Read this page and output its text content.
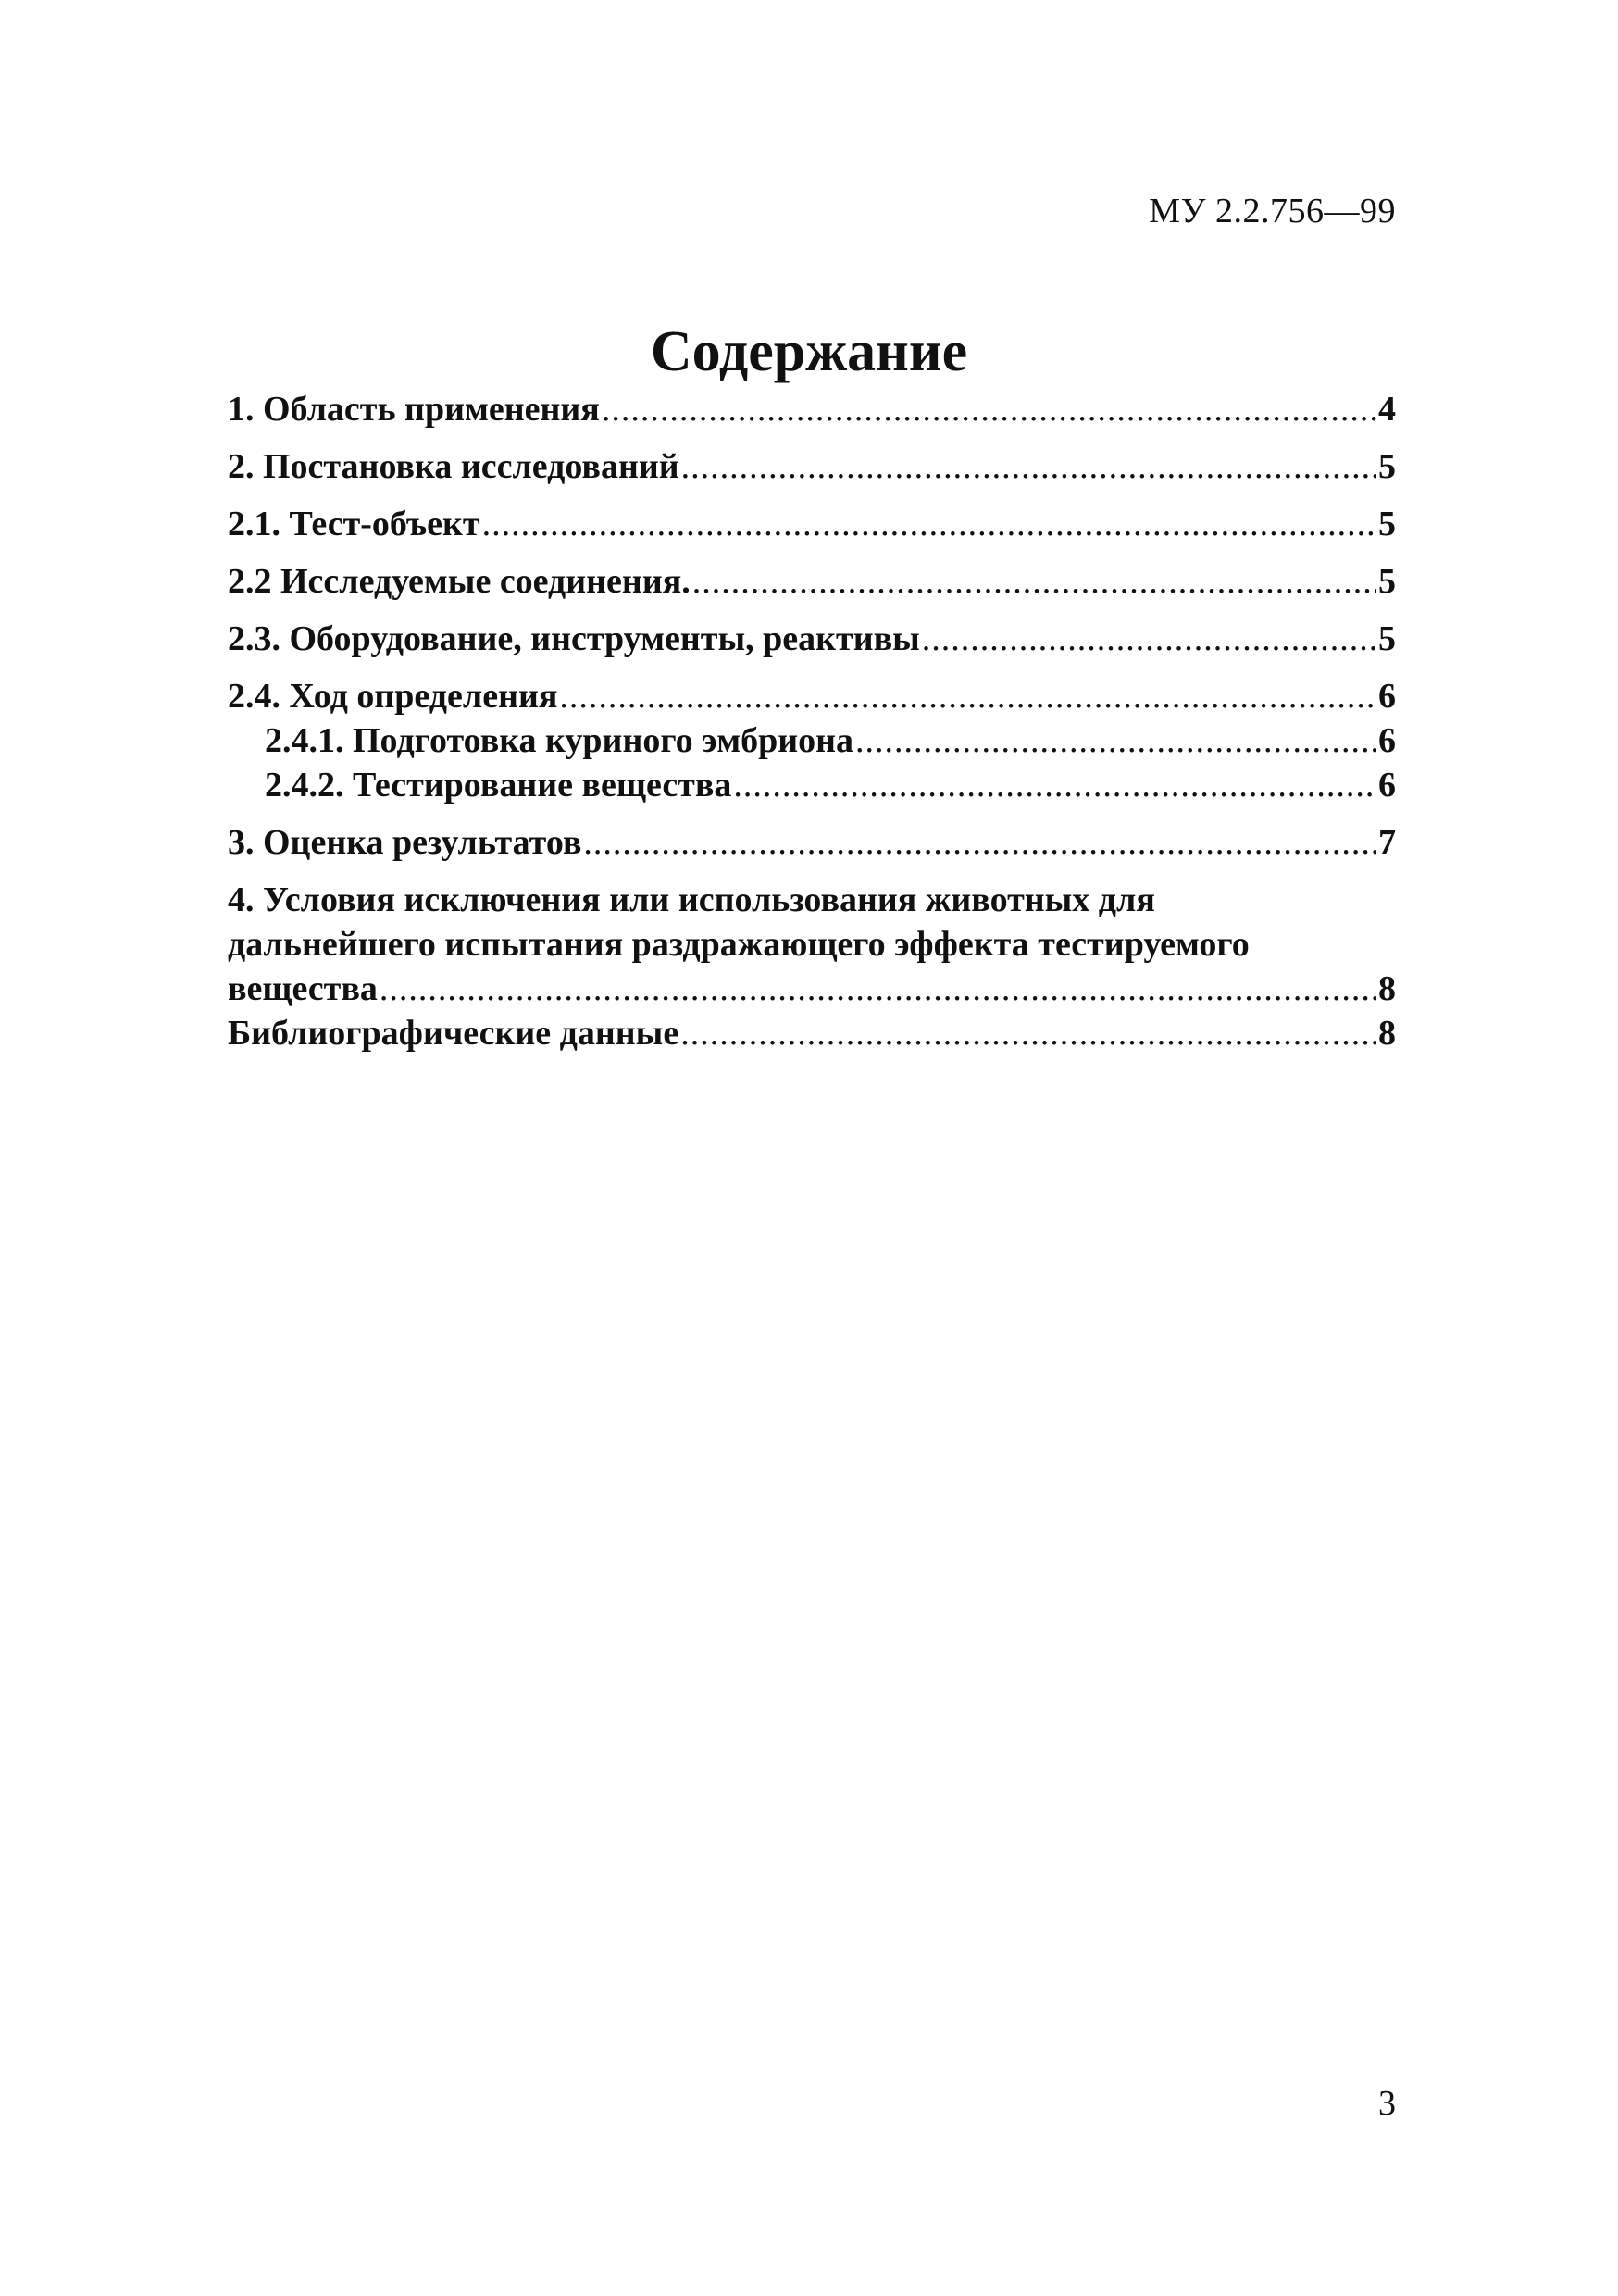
МУ 2.2.756—99
Содержание
1. Область применения .....	4
2. Постановка исследований .....	5
2.1. Тест-объект .....	5
2.2 Исследуемые соединения. .....	5
2.3. Оборудование, инструменты, реактивы .....	5
2.4. Ход определения .....	6
2.4.1. Подготовка куриного эмбриона .....	6
2.4.2. Тестирование вещества .....	6
3. Оценка результатов .....	7
4. Условия исключения или использования животных для
дальнейшего испытания раздражающего эффекта тестируемого
вещества .....	8
Библиографические данные .....	8
3
